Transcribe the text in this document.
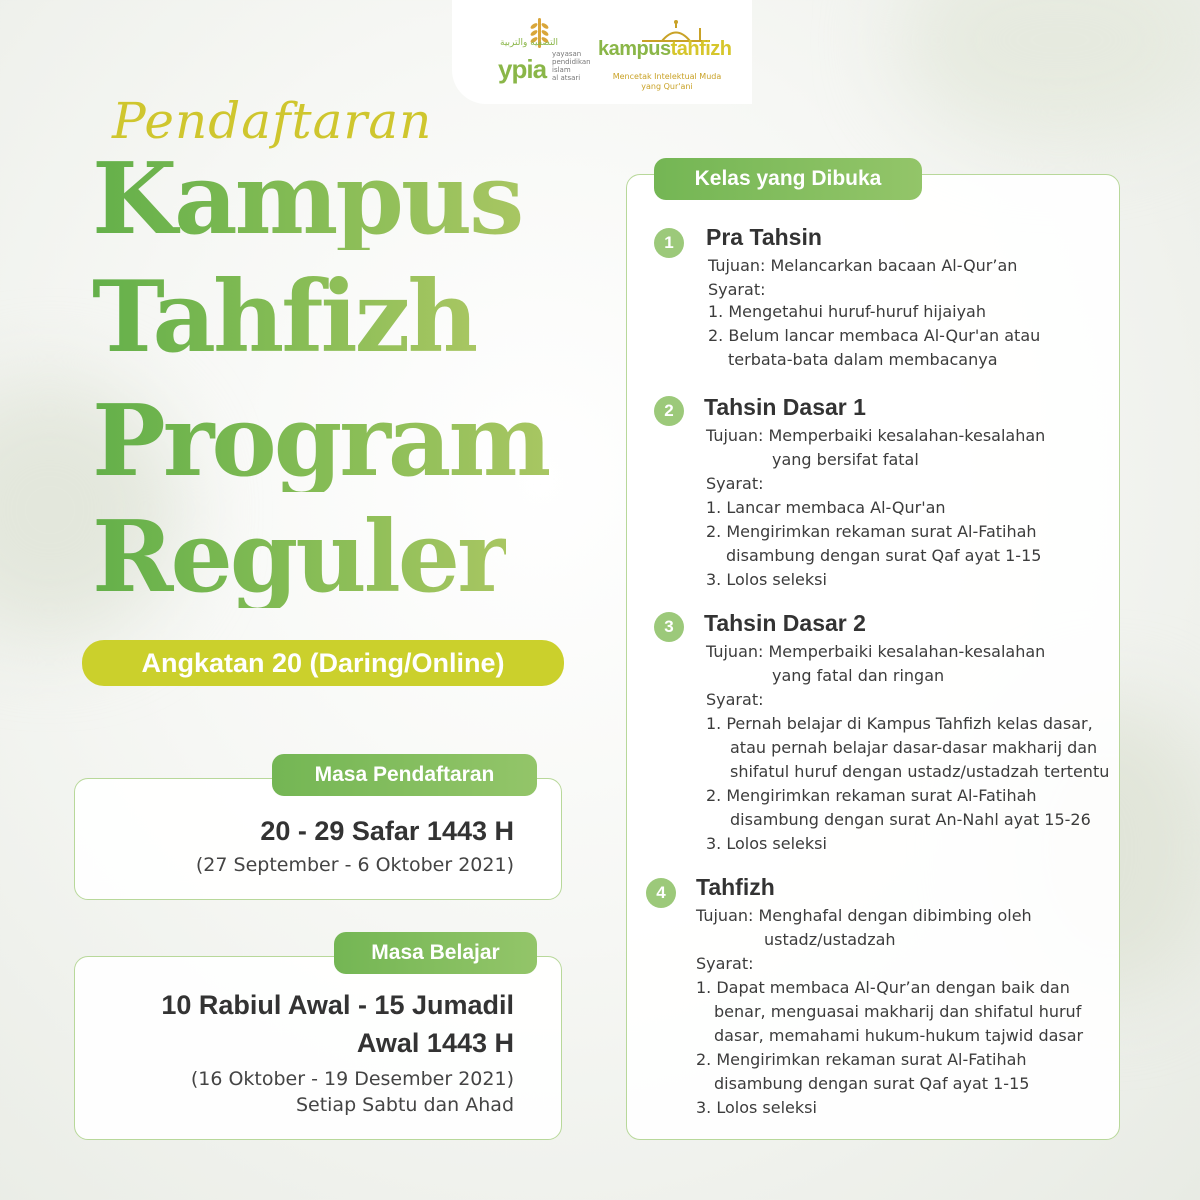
التصفية والتربية
ypia yayasan
pendidikan
islam
al atsari
kampustahfizh
Mencetak Intelektual Muda
yang Qur'ani
Pendaftaran
Kampus
Tahfizh
Program
Reguler
Angkatan 20 (Daring/Online)
Masa Pendaftaran
20 - 29 Safar 1443 H
(27 September - 6 Oktober 2021)
Masa Belajar
10 Rabiul Awal - 15 Jumadil
Awal 1443 H
(16 Oktober - 19 Desember 2021)
Setiap Sabtu dan Ahad
Kelas yang Dibuka
1	Pra Tahsin
Tujuan: Melancarkan bacaan Al-Qur’an
Syarat:
1. Mengetahui huruf-huruf hijaiyah
2. Belum lancar membaca Al-Qur'an atau
terbata-bata dalam membacanya
2	Tahsin Dasar 1
Tujuan: Memperbaiki kesalahan-kesalahan
yang bersifat fatal
Syarat:
1. Lancar membaca Al-Qur'an
2. Mengirimkan rekaman surat Al-Fatihah
disambung dengan surat Qaf ayat 1-15
3. Lolos seleksi
3	Tahsin Dasar 2
Tujuan: Memperbaiki kesalahan-kesalahan
yang fatal dan ringan
Syarat:
1. Pernah belajar di Kampus Tahfizh kelas dasar,
atau pernah belajar dasar-dasar makharij dan
shifatul huruf dengan ustadz/ustadzah tertentu
2. Mengirimkan rekaman surat Al-Fatihah
disambung dengan surat An-Nahl ayat 15-26
3. Lolos seleksi
4	Tahfizh
Tujuan: Menghafal dengan dibimbing oleh
ustadz/ustadzah
Syarat:
1. Dapat membaca Al-Qur’an dengan baik dan
benar, menguasai makharij dan shifatul huruf
dasar, memahami hukum-hukum tajwid dasar
2. Mengirimkan rekaman surat Al-Fatihah
disambung dengan surat Qaf ayat 1-15
3. Lolos seleksi
